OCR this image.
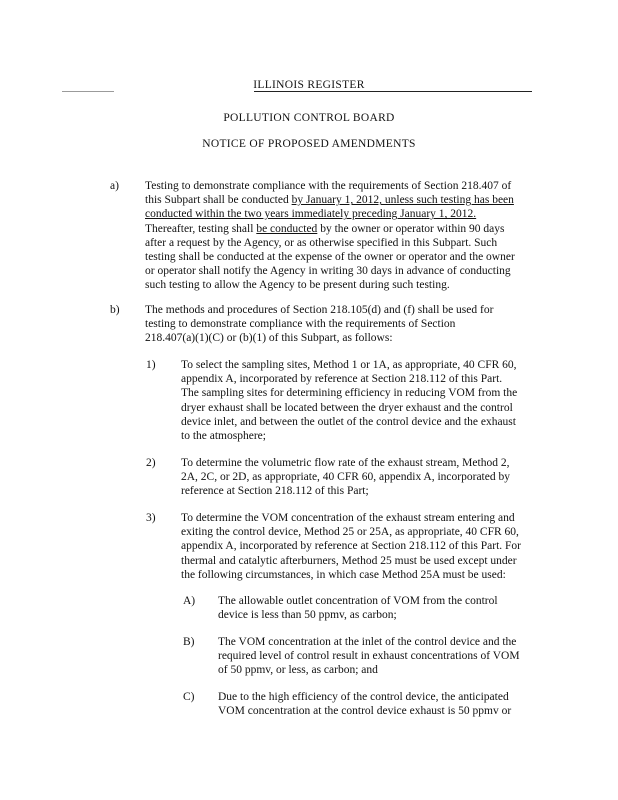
ILLINOIS REGISTER
POLLUTION CONTROL BOARD
NOTICE OF PROPOSED AMENDMENTS
a) Testing to demonstrate compliance with the requirements of Section 218.407 of
this Subpart shall be conducted by January 1, 2012, unless such testing has been
conducted within the two years immediately preceding January 1, 2012.
Thereafter, testing shall be conducted by the owner or operator within 90 days
after a request by the Agency, or as otherwise specified in this Subpart. Such
testing shall be conducted at the expense of the owner or operator and the owner
or operator shall notify the Agency in writing 30 days in advance of conducting
such testing to allow the Agency to be present during such testing.
b) The methods and procedures of Section 218.105(d) and (f) shall be used for
testing to demonstrate compliance with the requirements of Section
218.407(a)(1)(C) or (b)(1) of this Subpart, as follows:
1) To select the sampling sites, Method 1 or 1A, as appropriate, 40 CFR 60,
appendix A, incorporated by reference at Section 218.112 of this Part.
The sampling sites for determining efficiency in reducing VOM from the
dryer exhaust shall be located between the dryer exhaust and the control
device inlet, and between the outlet of the control device and the exhaust
to the atmosphere;
2) To determine the volumetric flow rate of the exhaust stream, Method 2,
2A, 2C, or 2D, as appropriate, 40 CFR 60, appendix A, incorporated by
reference at Section 218.112 of this Part;
3) To determine the VOM concentration of the exhaust stream entering and
exiting the control device, Method 25 or 25A, as appropriate, 40 CFR 60,
appendix A, incorporated by reference at Section 218.112 of this Part. For
thermal and catalytic afterburners, Method 25 must be used except under
the following circumstances, in which case Method 25A must be used:
A) The allowable outlet concentration of VOM from the control
device is less than 50 ppmv, as carbon;
B) The VOM concentration at the inlet of the control device and the
required level of control result in exhaust concentrations of VOM
of 50 ppmv, or less, as carbon; and
C) Due to the high efficiency of the control device, the anticipated
VOM concentration at the control device exhaust is 50 ppmv or
